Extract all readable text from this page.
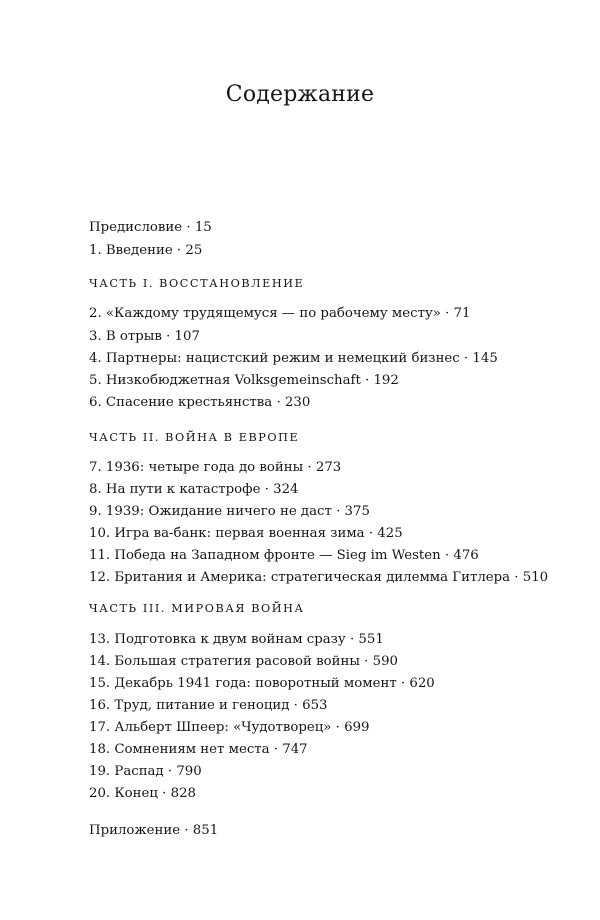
Содержание
Предисловие · 15
1. Введение · 25
ЧАСТЬ I. ВОССТАНОВЛЕНИЕ
2. «Каждому трудящемуся — по рабочему месту» · 71
3. В отрыв · 107
4. Партнеры: нацистский режим и немецкий бизнес · 145
5. Низкобюджетная Volksgemeinschaft · 192
6. Спасение крестьянства · 230
ЧАСТЬ II. ВОЙНА В ЕВРОПЕ
7. 1936: четыре года до войны · 273
8. На пути к катастрофе · 324
9. 1939: Ожидание ничего не даст · 375
10. Игра ва-банк: первая военная зима · 425
11. Победа на Западном фронте — Sieg im Westen · 476
12. Британия и Америка: стратегическая дилемма Гитлера · 510
ЧАСТЬ III. МИРОВАЯ ВОЙНА
13. Подготовка к двум войнам сразу · 551
14. Большая стратегия расовой войны · 590
15. Декабрь 1941 года: поворотный момент · 620
16. Труд, питание и геноцид · 653
17. Альберт Шпеер: «Чудотворец» · 699
18. Сомнениям нет места · 747
19. Распад · 790
20. Конец · 828
Приложение · 851
